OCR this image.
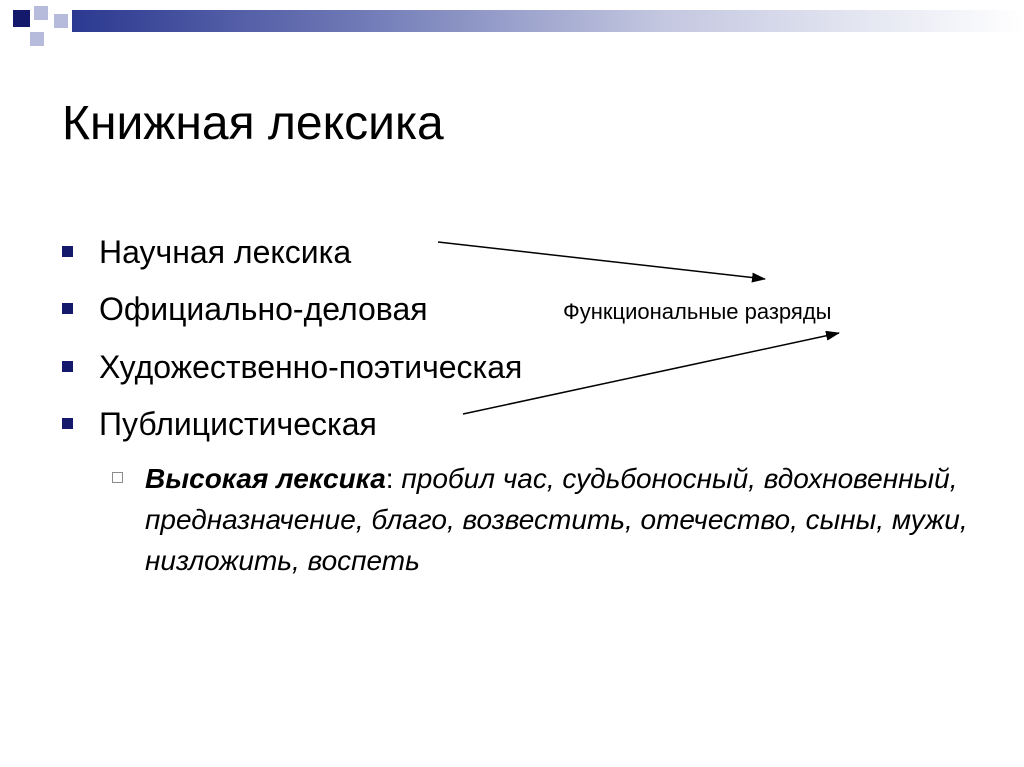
Книжная лексика
Научная лексика
Официально-деловая
Художественно-поэтическая
Публицистическая
Высокая лексика: пробил час, судьбоносный, вдохновенный, предназначение, благо, возвестить, отечество, сыны, мужи, низложить, воспеть
Функциональные разряды
